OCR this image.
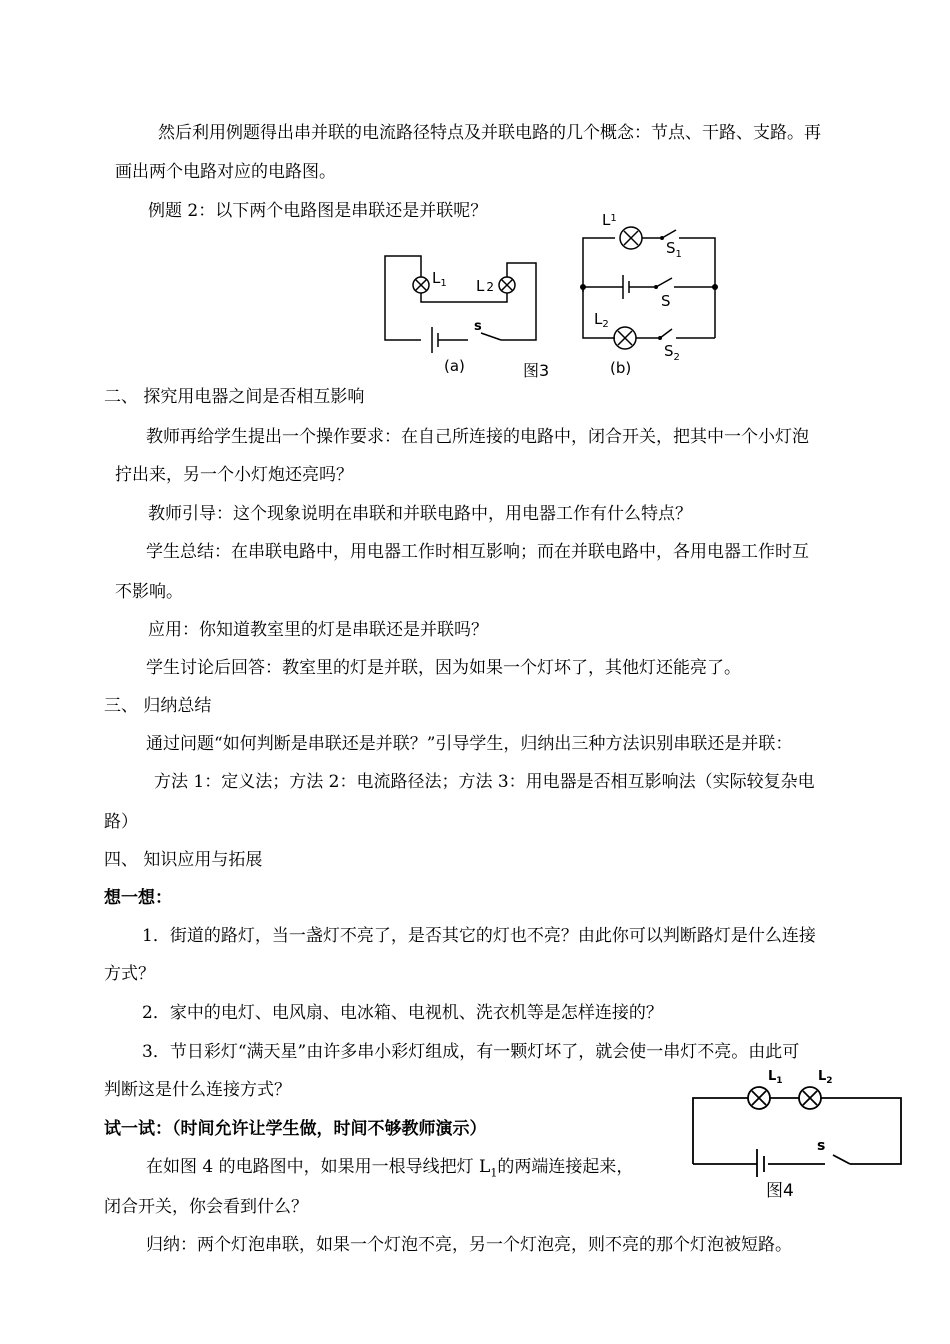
然后利用例题得出串并联的电流路径特点及并联电路的几个概念：节点、干路、支路。再
画出两个电路对应的电路图。
例题 2：以下两个电路图是串联还是并联呢？
二、 探究用电器之间是否相互影响
教师再给学生提出一个操作要求：在自己所连接的电路中，闭合开关，把其中一个小灯泡
拧出来，另一个小灯炮还亮吗？
教师引导：这个现象说明在串联和并联电路中，用电器工作有什么特点？
学生总结：在串联电路中，用电器工作时相互影响；而在并联电路中，各用电器工作时互
不影响。
应用：你知道教室里的灯是串联还是并联吗？
学生讨论后回答：教室里的灯是并联，因为如果一个灯坏了，其他灯还能亮了。
三、 归纳总结
通过问题“如何判断是串联还是并联？”引导学生，归纳出三种方法识别串联还是并联：
方法 1：定义法；方法 2：电流路径法；方法 3：用电器是否相互影响法（实际较复杂电
路）
四、 知识应用与拓展
想一想：
1．街道的路灯，当一盏灯不亮了，是否其它的灯也不亮？由此你可以判断路灯是什么连接
方式？
2．家中的电灯、电风扇、电冰箱、电视机、洗衣机等是怎样连接的？
3．节日彩灯“满天星”由许多串小彩灯组成，有一颗灯坏了，就会使一串灯不亮。由此可
判断这是什么连接方式？
试一试：（时间允许让学生做，时间不够教师演示）
在如图 4 的电路图中，如果用一根导线把灯 $L_1$的两端连接起来，
闭合开关，你会看到什么？
归纳：两个灯泡串联，如果一个灯泡不亮，另一个灯泡亮，则不亮的那个灯泡被短路。
$L_1$ L 2
s
(a)	图3
$L^1$
$S_1$
S
$L_2$
$S_2$
(b)
$L_1$	$L_2$
s
图4
